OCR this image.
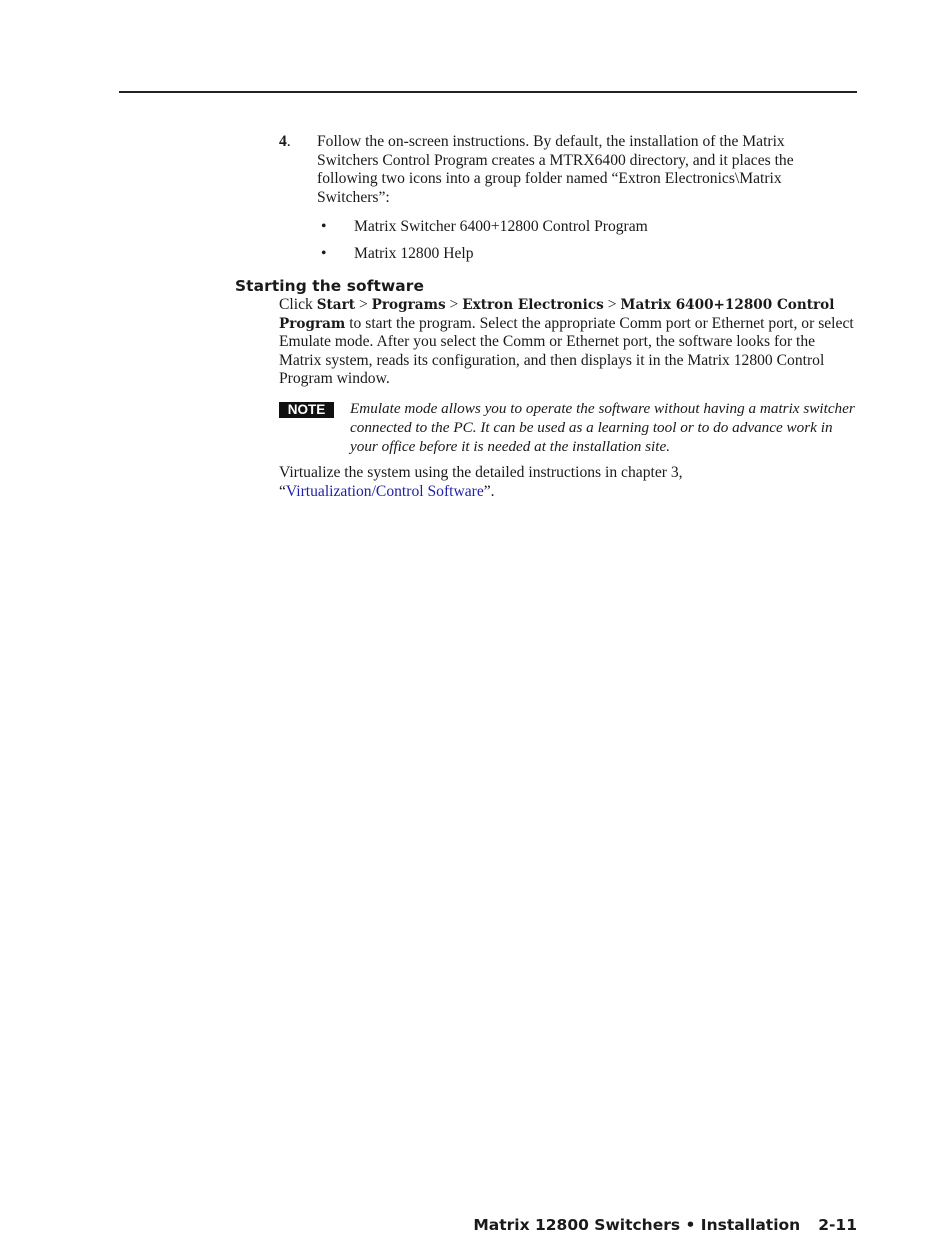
4. Follow the on-screen instructions. By default, the installation of the Matrix Switchers Control Program creates a MTRX6400 directory, and it places the following two icons into a group folder named “Extron Electronics\Matrix Switchers”:
• Matrix Switcher 6400+12800 Control Program
• Matrix 12800 Help
Starting the software
Click Start > Programs > Extron Electronics > Matrix 6400+12800 Control Program to start the program. Select the appropriate Comm port or Ethernet port, or select Emulate mode. After you select the Comm or Ethernet port, the software looks for the Matrix system, reads its configuration, and then displays it in the Matrix 12800 Control Program window.
NOTE	Emulate mode allows you to operate the software without having a matrix switcher connected to the PC. It can be used as a learning tool or to do advance work in your office before it is needed at the installation site.
Virtualize the system using the detailed instructions in chapter 3,
“Virtualization/Control Software”.
Matrix 12800 Switchers • Installation 2-11
